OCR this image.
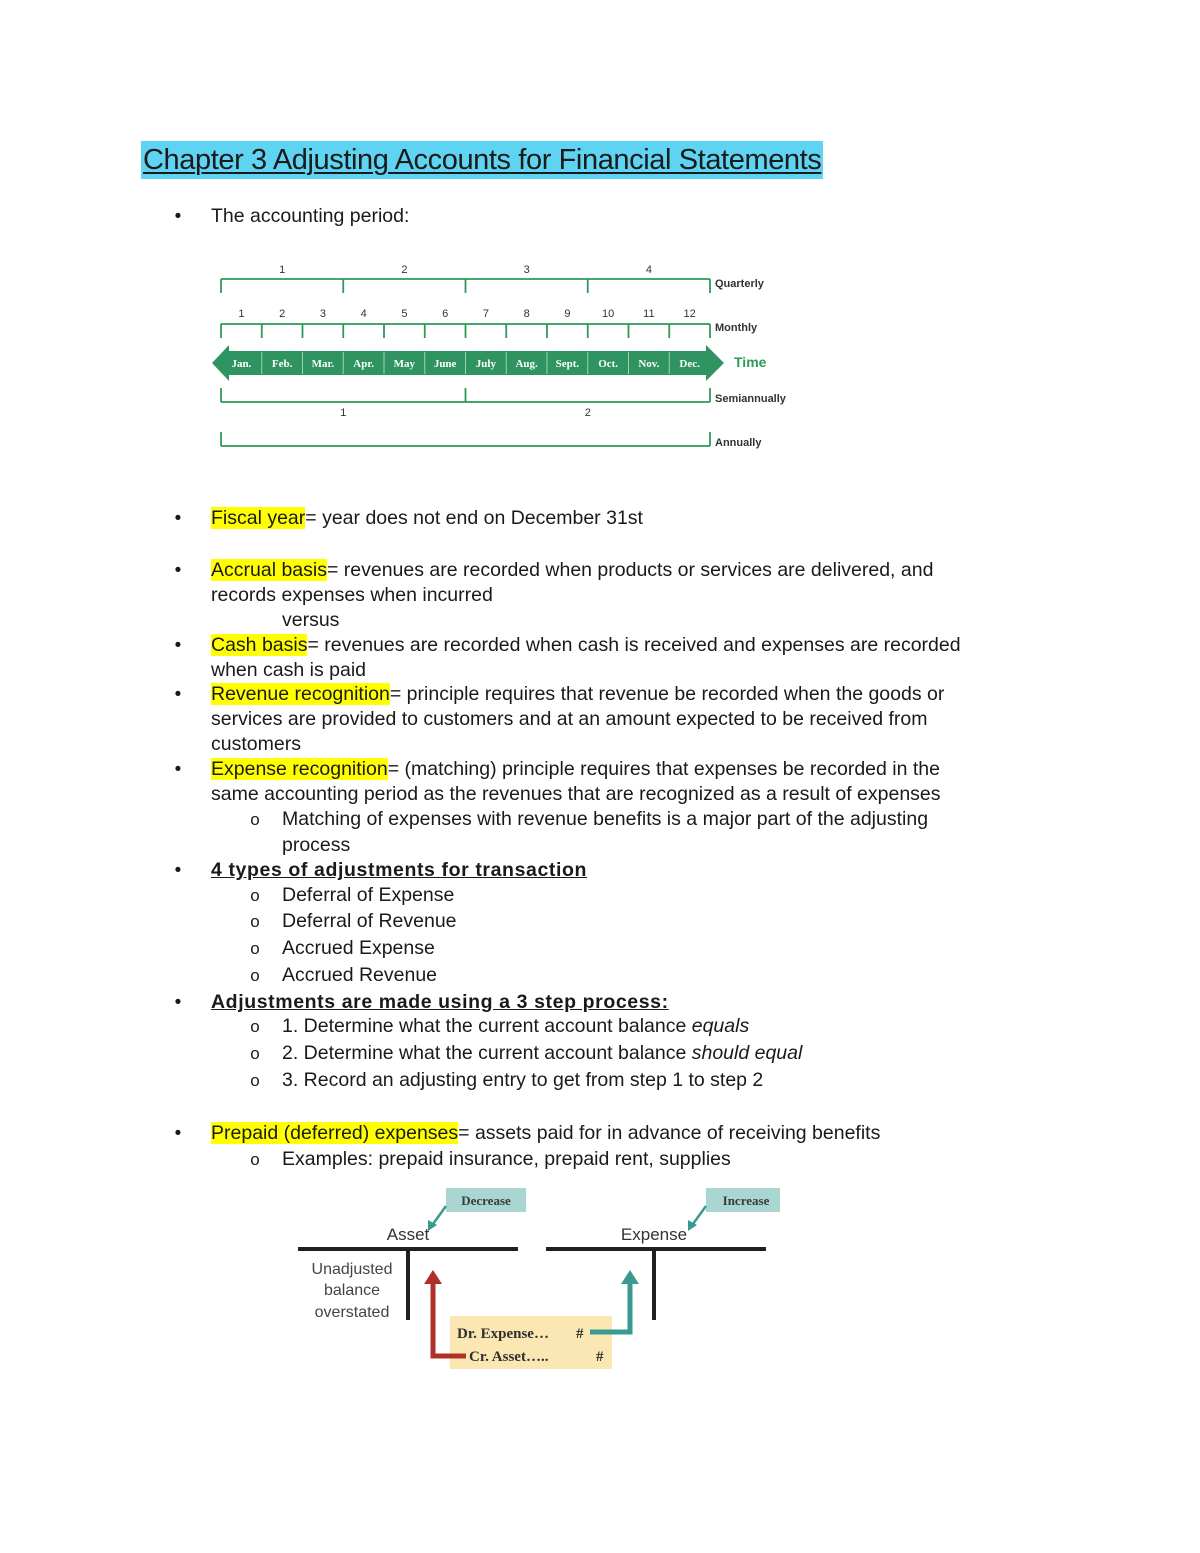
Chapter 3 Adjusting Accounts for Financial Statements
• The accounting period:
Jan. Feb. Mar. Apr. May June July Aug. Sept. Oct. Nov. Dec.
1	2	3	4
1	2	3	4	5	6	7	8	9	10	11	12
1	2
Quarterly
Monthly
Time
Semiannually
Annually
• Fiscal year= year does not end on December 31st
• Accrual basis= revenues are recorded when products or services are delivered, and
records expenses when incurred
versus
• Cash basis= revenues are recorded when cash is received and expenses are recorded
when cash is paid
• Revenue recognition= principle requires that revenue be recorded when the goods or
services are provided to customers and at an amount expected to be received from
customers
• Expense recognition= (matching) principle requires that expenses be recorded in the
same accounting period as the revenues that are recognized as a result of expenses
o Matching of expenses with revenue benefits is a major part of the adjusting
process
• 4 types of adjustments for transaction
o Deferral of Expense
o Deferral of Revenue
o Accrued Expense
o Accrued Revenue
• Adjustments are made using a 3 step process:
o 1. Determine what the current account balance equals
o 2. Determine what the current account balance should equal
o 3. Record an adjusting entry to get from step 1 to step 2
• Prepaid (deferred) expenses= assets paid for in advance of receiving benefits
o Examples: prepaid insurance, prepaid rent, supplies
Decrease	Increase
Asset	Expense
Unadjusted
balance
overstated
Dr. Expense… #
Cr. Asset…..	#
